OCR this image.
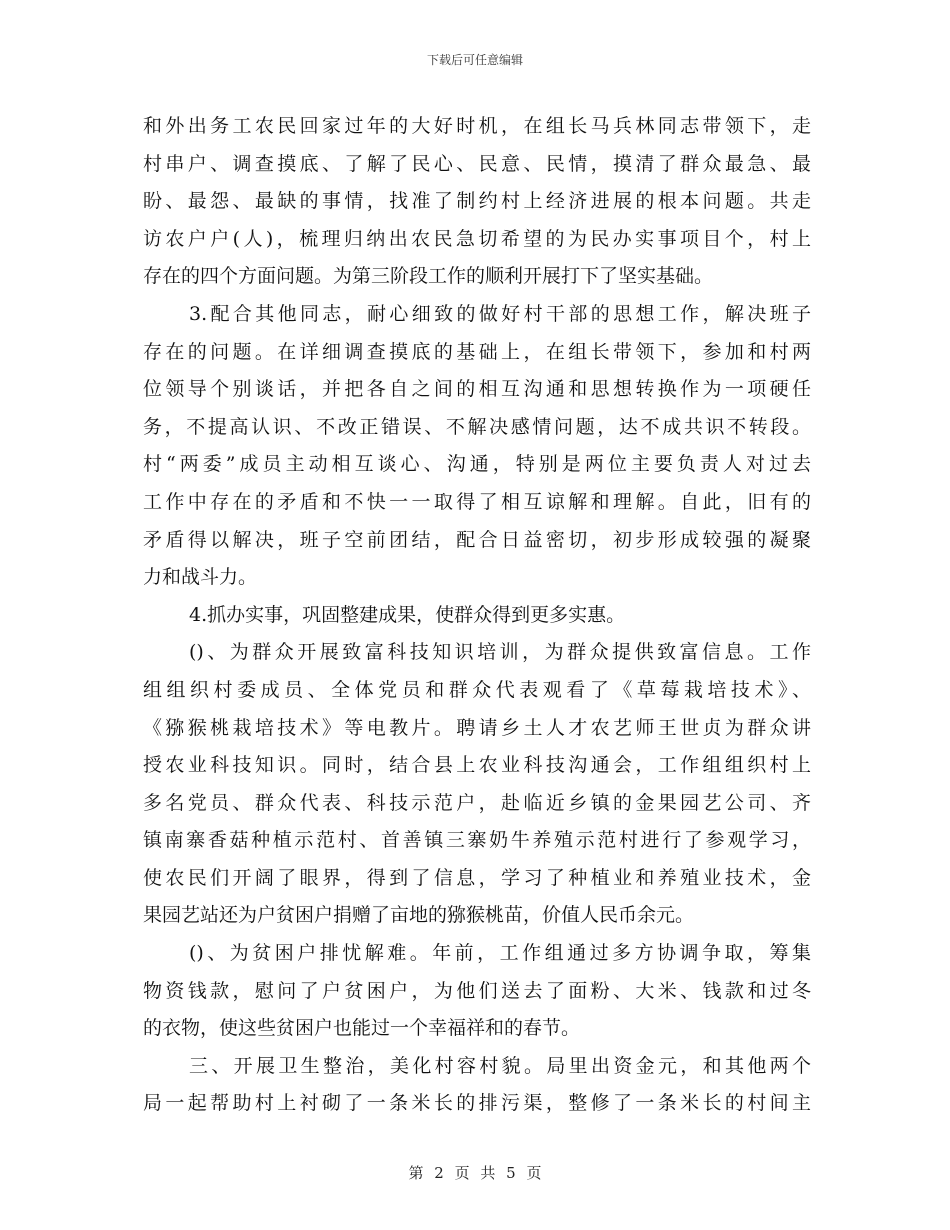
下载后可任意编辑
和外出务工农民回家过年的大好时机，在组长马兵林同志带领下，走
村串户、调查摸底、了解了民心、民意、民情，摸清了群众最急、最
盼、最怨、最缺的事情，找准了制约村上经济进展的根本问题。共走
访农户户(人)，梳理归纳出农民急切希望的为民办实事项目个，村上
存在的四个方面问题。为第三阶段工作的顺利开展打下了坚实基础。
3.配合其他同志，耐心细致的做好村干部的思想工作，解决班子
存在的问题。在详细调查摸底的基础上，在组长带领下，参加和村两
位领导个别谈话，并把各自之间的相互沟通和思想转换作为一项硬任
务，不提高认识、不改正错误、不解决感情问题，达不成共识不转段。
村“两委”成员主动相互谈心、沟通，特别是两位主要负责人对过去
工作中存在的矛盾和不快一一取得了相互谅解和理解。自此，旧有的
矛盾得以解决，班子空前团结，配合日益密切，初步形成较强的凝聚
力和战斗力。
4.抓办实事，巩固整建成果，使群众得到更多实惠。
()、为群众开展致富科技知识培训，为群众提供致富信息。工作
组组织村委成员、全体党员和群众代表观看了《草莓栽培技术》、
《猕猴桃栽培技术》等电教片。聘请乡土人才农艺师王世贞为群众讲
授农业科技知识。同时，结合县上农业科技沟通会，工作组组织村上
多名党员、群众代表、科技示范户，赴临近乡镇的金果园艺公司、齐
镇南寨香菇种植示范村、首善镇三寨奶牛养殖示范村进行了参观学习，
使农民们开阔了眼界，得到了信息，学习了种植业和养殖业技术，金
果园艺站还为户贫困户捐赠了亩地的猕猴桃苗，价值人民币余元。
()、为贫困户排忧解难。年前，工作组通过多方协调争取，筹集
物资钱款，慰问了户贫困户，为他们送去了面粉、大米、钱款和过冬
的衣物，使这些贫困户也能过一个幸福祥和的春节。
三、开展卫生整治，美化村容村貌。局里出资金元，和其他两个
局一起帮助村上衬砌了一条米长的排污渠，整修了一条米长的村间主
第 2 页 共 5 页
